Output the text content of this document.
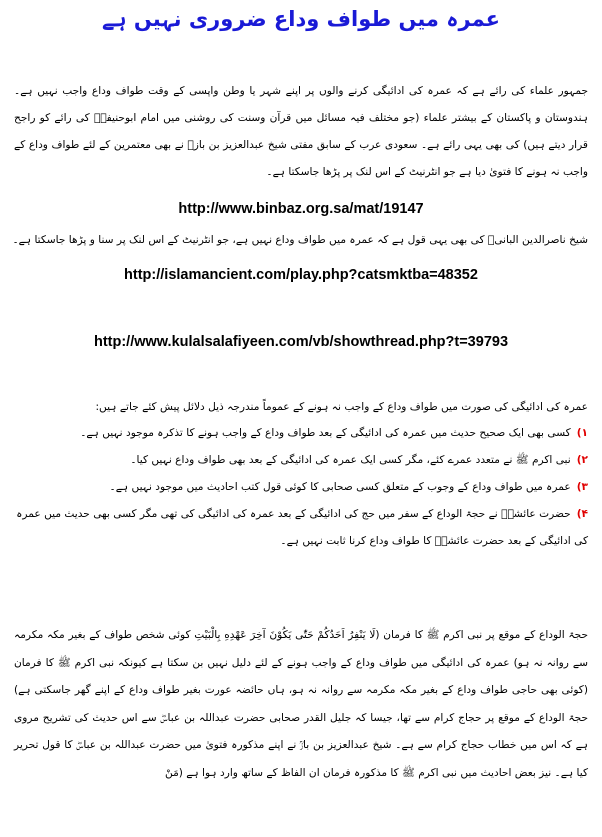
عمرہ میں طواف وداع ضروری نہیں ہے

جمہور علماء کی رائے ہے کہ عمرہ کی ادائیگی کرنے والوں پر اپنے شہر یا وطن واپسی کے وقت طواف وداع واجب نہیں ہے۔ ہندوستان و پاکستان کے بیشتر علماء (جو مختلف فیہ مسائل میں قرآن وسنت کی روشنی میں امام ابوحنیفہؒ کی رائے کو راجح قرار دیتے ہیں) کی بھی یہی رائے ہے۔ سعودی عرب کے سابق مفتی شیخ عبدالعزیز بن بازؒ نے بھی معتمرین کے لئے طواف وداع کے واجب نہ ہونے کا فتویٰ دیا ہے جو انٹرنیٹ کے اس لنک پر پڑھا جاسکتا ہے۔

http://www.binbaz.org.sa/mat/19147

شیخ ناصرالدین البانیؒ کی بھی یہی قول ہے کہ عمرہ میں طواف وداع نہیں ہے، جو انٹرنیٹ کے اس لنک پر سنا و پڑھا جاسکتا ہے۔

http://islamancient.com/play.php?catsmktba=48352
http://www.kulalsalafiyeen.com/vb/showthread.php?t=39793

عمرہ کی ادائیگی کی صورت میں طواف وداع کے واجب نہ ہونے کے عموماً مندرجہ ذیل دلائل پیش کئے جاتے ہیں:

۱)کسی بھی ایک صحیح حدیث میں عمرہ کی ادائیگی کے بعد طواف وداع کے واجب ہونے کا تذکرہ موجود نہیں ہے۔
۲)نبی اکرم ﷺ نے متعدد عمرے کئے، مگر کسی ایک عمرہ کی ادائیگی کے بعد بھی طواف وداع نہیں کیا۔
۳)عمرہ میں طواف وداع کے وجوب کے متعلق کسی صحابی کا کوئی قول کتب احادیث میں موجود نہیں ہے۔
۴)حضرت عائشہؓ نے حجۃ الوداع کے سفر میں حج کی ادائیگی کے بعد عمرہ کی ادائیگی کی تھی مگر کسی بھی حدیث میں عمرہ کی ادائیگی کے بعد حضرت عائشہؓ کا طواف وداع کرنا ثابت نہیں ہے۔

حجۃ الوداع کے موقع پر نبی اکرم ﷺ کا فرمان (لَا يَنْفِرُ اَحَدُكُمْ حَتّٰى يَكُوْنَ آخِرَ عَهْدِهِ بِالْبَيْتِ کوئی شخص طواف کے بغیر مکہ مکرمہ سے روانہ نہ ہو) عمرہ کی ادائیگی میں طواف وداع کے واجب ہونے کے لئے دلیل نہیں بن سکتا ہے کیونکہ نبی اکرم ﷺ کا فرمان (کوئی بھی حاجی طواف وداع کے بغیر مکہ مکرمہ سے روانہ نہ ہو، ہاں حائضہ عورت بغیر طواف وداع کے اپنے گھر جاسکتی ہے) حجۃ الوداع کے موقع پر حجاج کرام سے تھا، جیسا کہ جلیل القدر صحابی حضرت عبداللہ بن عباسؓ سے اس حدیث کی تشریح مروی ہے کہ اس میں خطاب حجاج کرام سے ہے۔ شیخ عبدالعزیز بن بازؒ نے اپنے مذکورہ فتویٰ میں حضرت عبداللہ بن عباسؓ کا قول تحریر کیا ہے۔ نیز بعض احادیث میں نبی اکرم ﷺ کا مذکورہ فرمان ان الفاظ کے ساتھ وارد ہوا ہے (مَنْ
